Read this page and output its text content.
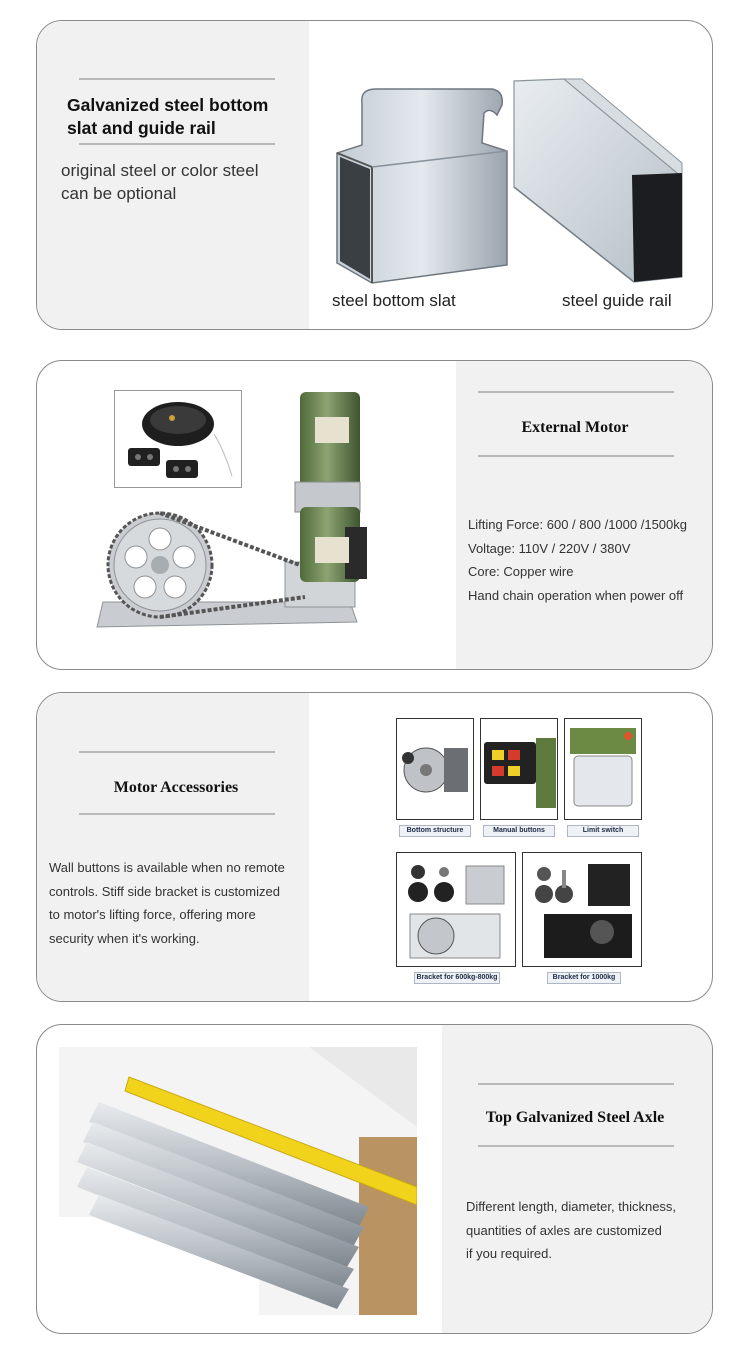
Galvanized steel bottom
slat and guide rail
original steel or color steel
can be optional
steel bottom slat	steel guide rail
External Motor
Lifting Force: 600 / 800 /1000 /1500kg
Voltage: 110V / 220V / 380V
Core: Copper wire
Hand chain operation when power off
Motor Accessories
Wall buttons is available when no remote
controls. Stiff side bracket is customized
to motor's lifting force, offering more
security when it's working.
Bottom structure	Manual buttons	Limit switch
Bracket for 600kg-800kg	Bracket for 1000kg
Top Galvanized Steel Axle
Different length, diameter, thickness,
quantities of axles are customized
if you required.
